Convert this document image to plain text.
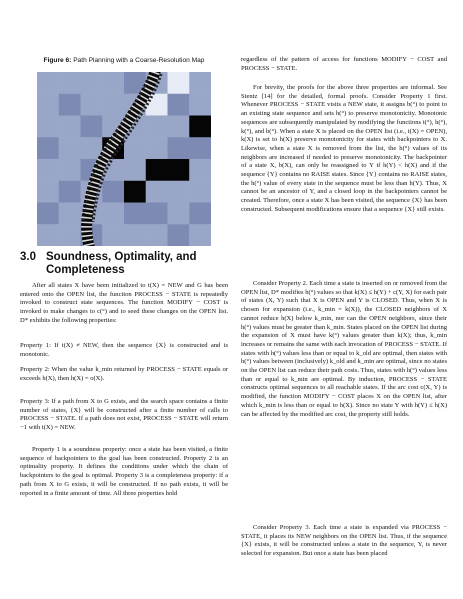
Figure 6: Path Planning with a Coarse-Resolution Map
3.0 Soundness, Optimality, and
Completeness

After all states X have been initialized to t(X) = NEW and G has been entered onto the OPEN list, the function PROCESS − STATE is repeatedly invoked to construct state sequences. The function MODIFY − COST is invoked to make changes to c(°) and to seed these changes on the OPEN list. D* exhibits the following properties:

Property 1: If t(X) ≠ NEW, then the sequence {X} is constructed and is monotonic.

Property 2: When the value k_min returned by PROCESS − STATE equals or exceeds h(X), then h(X) = o(X).

Property 3: If a path from X to G exists, and the search space contains a finite number of states, {X} will be constructed after a finite number of calls to PROCESS − STATE. If a path does not exist, PROCESS − STATE will return −1 with t(X) = NEW.

Property 1 is a soundness property: once a state has been visited, a finite sequence of backpointers to the goal has been constructed. Property 2 is an optimality property. It defines the conditions under which the chain of backpointers to the goal is optimal. Property 3 is a completeness property: if a path from X to G exists, it will be constructed. If no path exists, it will be reported in a finite amount of time. All three properties hold

regardless of the pattern of access for functions MODIFY − COST and PROCESS − STATE.

For brevity, the proofs for the above three properties are informal. See Stentz [14] for the detailed, formal proofs. Consider Property 1 first. Whenever PROCESS − STATE visits a NEW state, it assigns b(°) to point to an existing state sequence and sets h(°) to preserve monotonicity. Monotonic sequences are subsequently manipulated by modifying the functions t(°), h(°), k(°), and b(°). When a state X is placed on the OPEN list (i.e., t(X) = OPEN), k(X) is set to h(X) preserve monotonicity for states with backpointers to X. Likewise, when a state X is removed from the list, the h(°) values of its neighbors are increased if needed to preserve monotonicity. The backpointer of a state X, b(X), can only be reassigned to Y if h(Y) < h(X) and if the sequence {Y} contains no RAISE states. Since {Y} contains no RAISE states, the h(°) value of every state in the sequence must be less than h(Y). Thus, X cannot be an ancestor of Y, and a closed loop in the backpointers cannot be created. Therefore, once a state X has been visited, the sequence {X} has been constructed. Subsequent modifications ensure that a sequence {X} still exists.

Consider Property 2. Each time a state is inserted on or removed from the OPEN list, D* modifies h(°) values so that k(X) ≤ h(Y) + c(Y, X) for each pair of states (X, Y) such that X is OPEN and Y is CLOSED. Thus, when X is chosen for expansion (i.e., k_min = k(X)), the CLOSED neighbors of X cannot reduce h(X) below k_min, nor can the OPEN neighbors, since their h(°) values must be greater than k_min. States placed on the OPEN list during the expansion of X must have k(°) values greater than k(X); thus, k_min increases or remains the same with each invocation of PROCESS − STATE. If states with h(°) values less than or equal to k_old are optimal, then states with h(°) values between (inclusively) k_old and k_min are optimal, since no states on the OPEN list can reduce their path costs. Thus, states with h(°) values less than or equal to k_min are optimal. By induction, PROCESS − STATE constructs optimal sequences to all reachable states. If the arc cost c(X, Y) is modified, the function MODIFY − COST places X on the OPEN list, after which k_min is less than or equal to h(X). Since no state Y with h(Y) ≤ h(X) can be affected by the modified arc cost, the property still holds.

Consider Property 3. Each time a state is expanded via PROCESS − STATE, it places its NEW neighbors on the OPEN list. Thus, if the sequence {X} exists, it will be constructed unless a state in the sequence, Y, is never selected for expansion. But once a state has been placed
